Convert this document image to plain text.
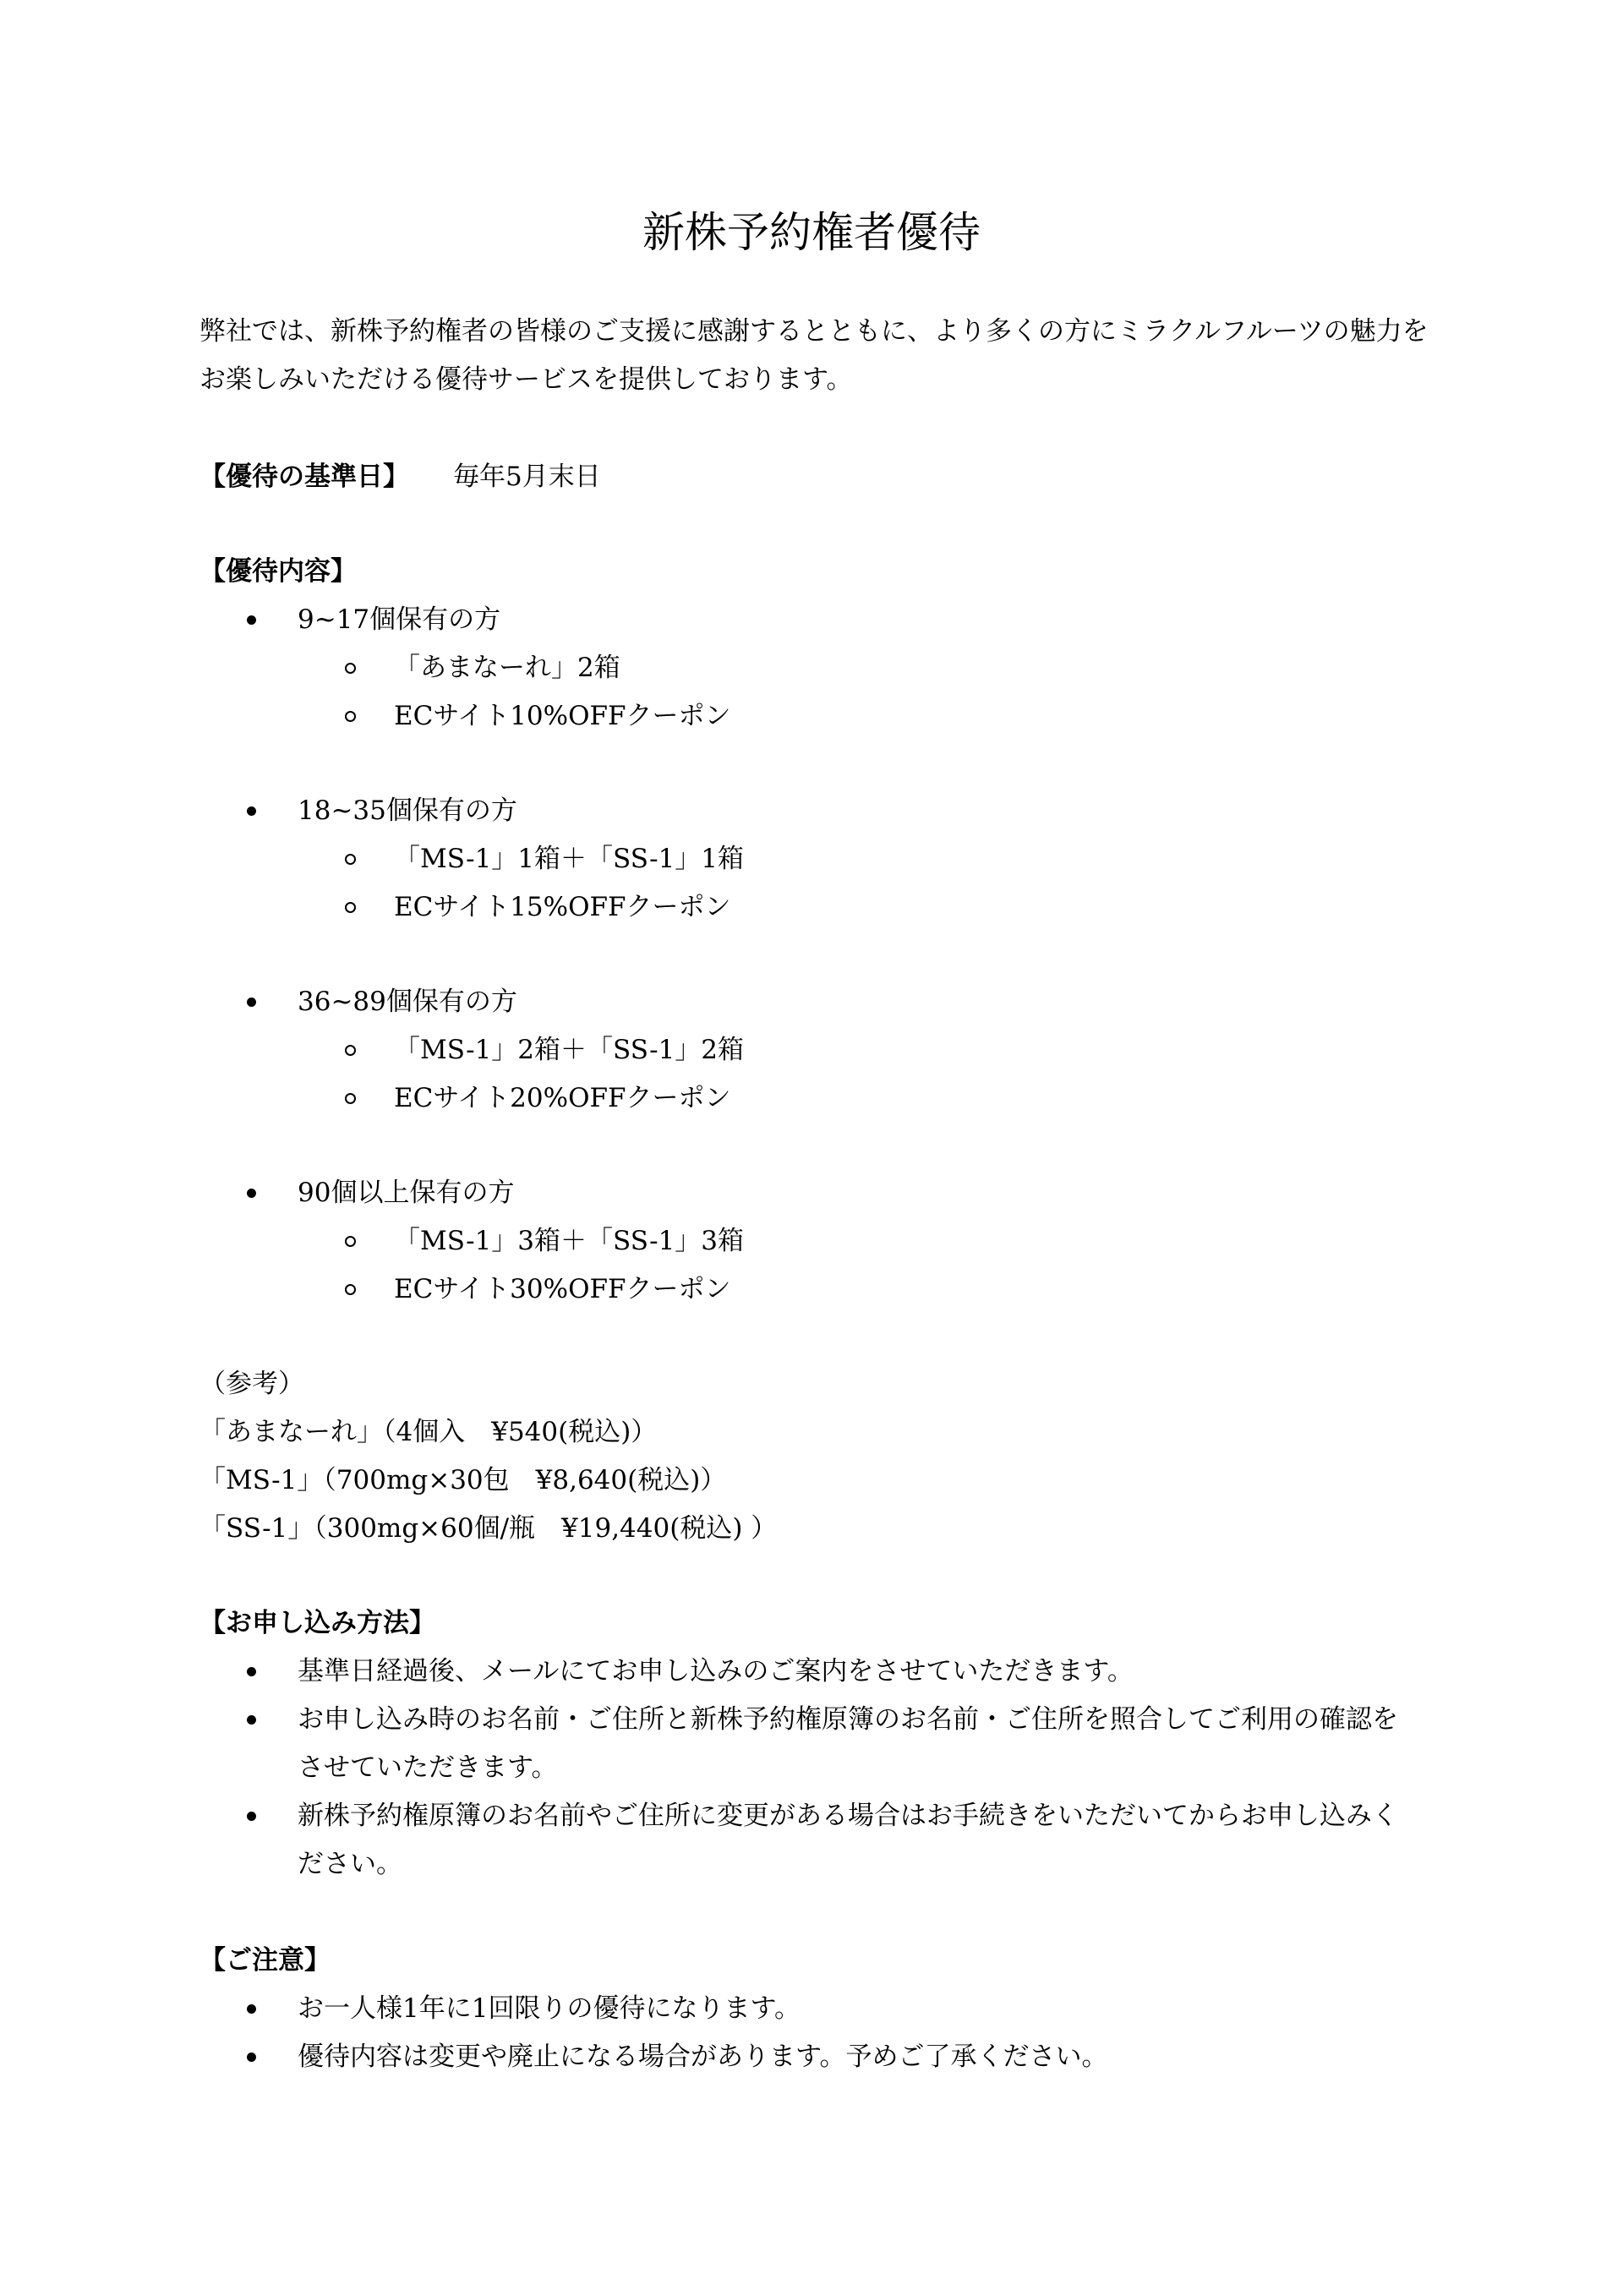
新株予約権者優待
弊社では、新株予約権者の皆様のご支援に感謝するとともに、より多くの方にミラクルフルーツの魅力をお楽しみいただける優待サービスを提供しております。
【優待の基準日】 毎年5月末日
【優待内容】
9~17個保有の方
「あまなーれ」2箱
ECサイト10%OFFクーポン
18~35個保有の方
「MS-1」1箱＋「SS-1」1箱
ECサイト15%OFFクーポン
36~89個保有の方
「MS-1」2箱＋「SS-1」2箱
ECサイト20%OFFクーポン
90個以上保有の方
「MS-1」3箱＋「SS-1」3箱
ECサイト30%OFFクーポン
（参考）
「あまなーれ」（4個入　¥540(税込)）
「MS-1」（700mg×30包　¥8,640(税込)）
「SS-1」（300mg×60個/瓶　¥19,440(税込) ）
【お申し込み方法】
基準日経過後、メールにてお申し込みのご案内をさせていただきます。
お申し込み時のお名前・ご住所と新株予約権原簿のお名前・ご住所を照合してご利用の確認をさせていただきます。
新株予約権原簿のお名前やご住所に変更がある場合はお手続きをいただいてからお申し込みください。
【ご注意】
お一人様1年に1回限りの優待になります。
優待内容は変更や廃止になる場合があります。予めご了承ください。
